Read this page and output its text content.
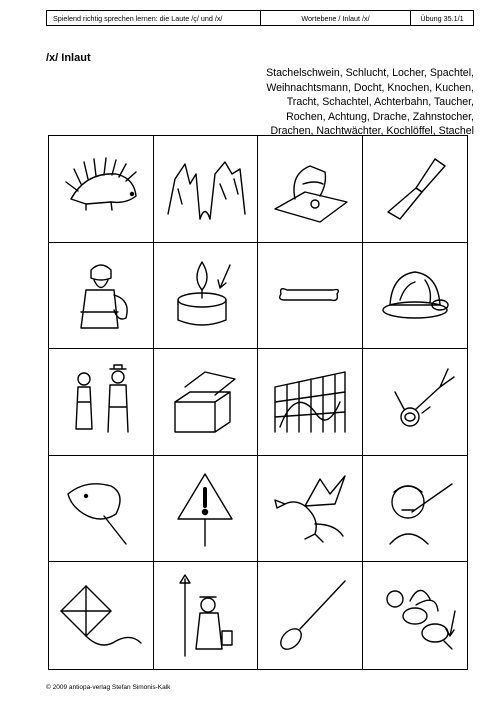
Spielend richtig sprechen lernen: die Laute /ç/ und /x/	Wortebene / Inlaut /x/	Übung 35.1/1
/x/ Inlaut
Stachelschwein, Schlucht, Locher, Spachtel,
Weihnachtsmann, Docht, Knochen, Kuchen,
Tracht, Schachtel, Achterbahn, Taucher,
Rochen, Achtung, Drache, Zahnstocher,
Drachen, Nachtwächter, Kochlöffel, Stachel
© 2009 antiopa-verlag Stefan Simonis-Kalk
